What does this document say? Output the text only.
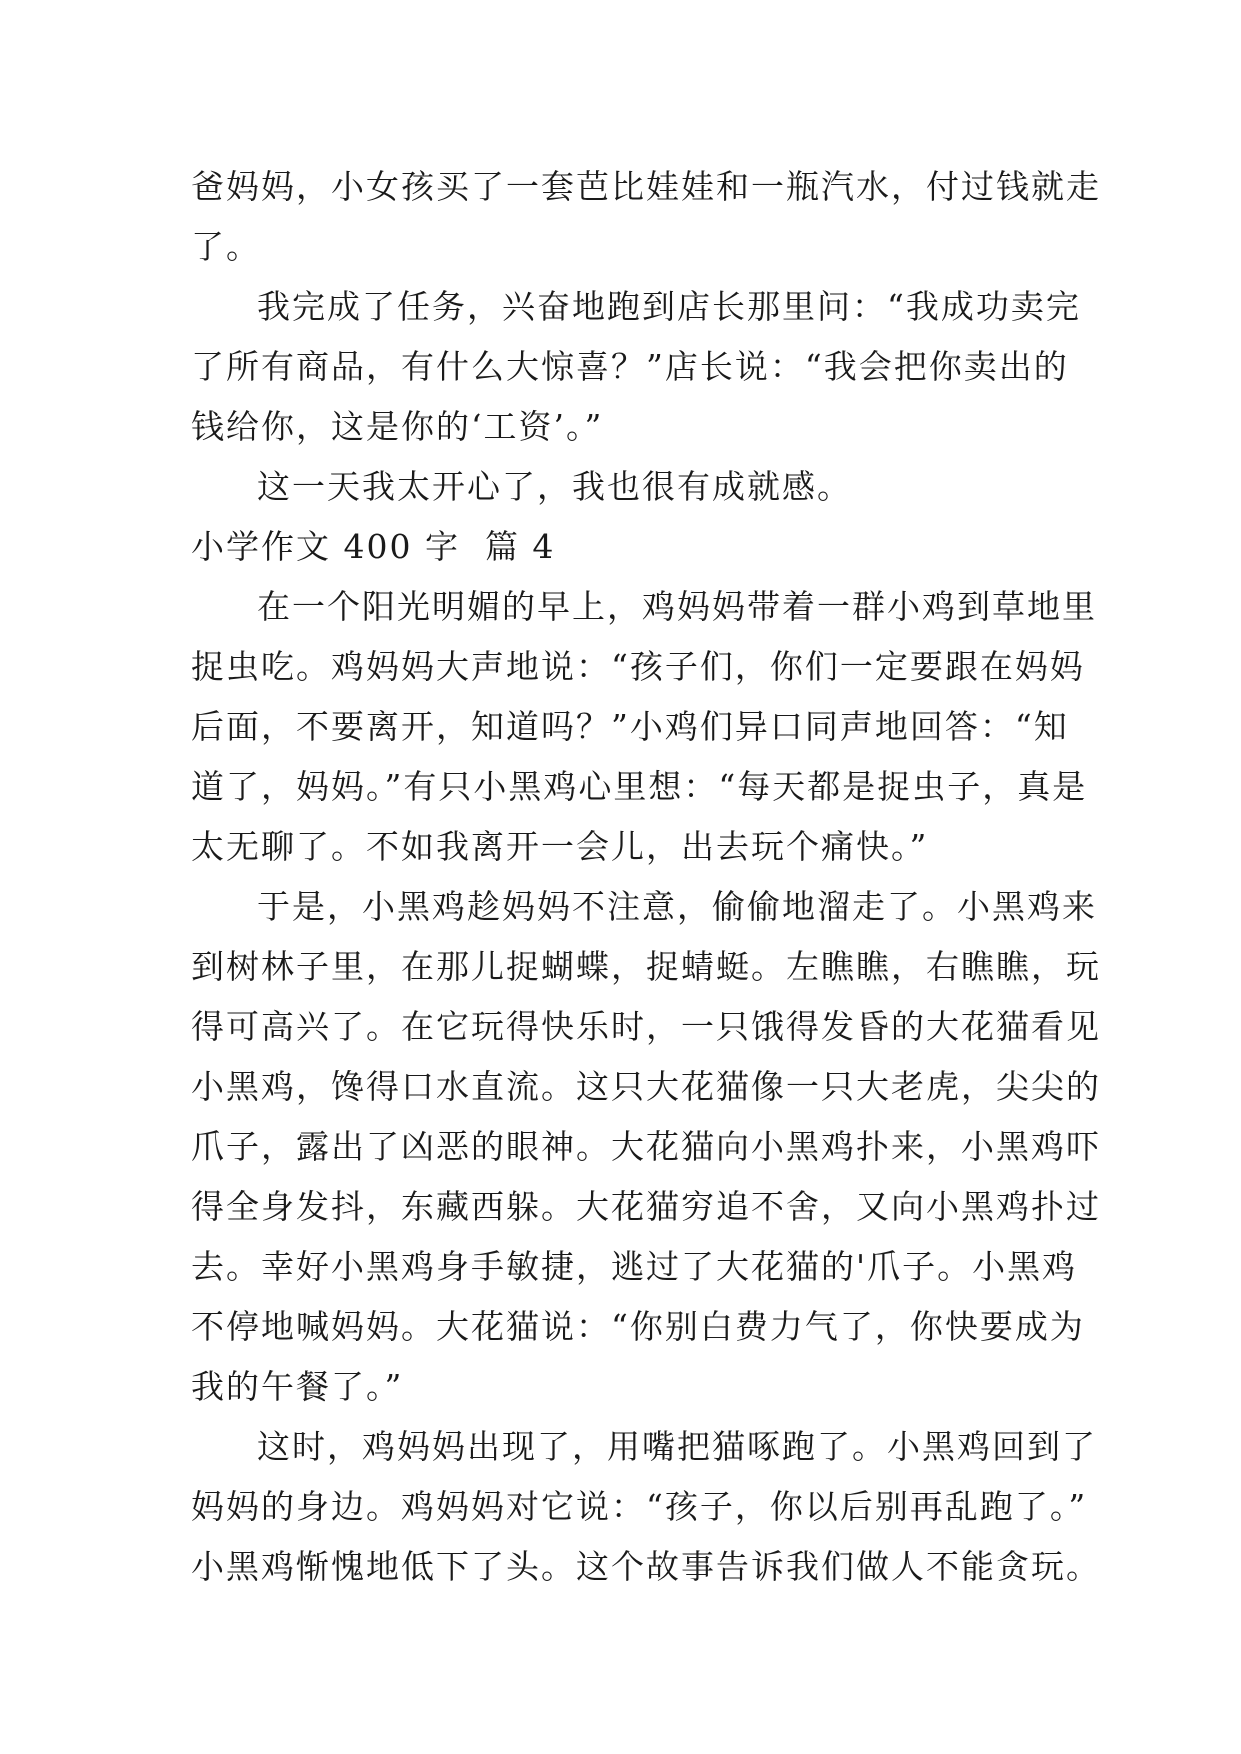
爸妈妈，小女孩买了一套芭比娃娃和一瓶汽水，付过钱就走
了。
我完成了任务，兴奋地跑到店长那里问：“我成功卖完
了所有商品，有什么大惊喜？”店长说：“我会把你卖出的
钱给你，这是你的‘工资’。”
这一天我太开心了，我也很有成就感。
小学作文 400 字  篇 4
在一个阳光明媚的早上，鸡妈妈带着一群小鸡到草地里
捉虫吃。鸡妈妈大声地说：“孩子们，你们一定要跟在妈妈
后面，不要离开，知道吗？”小鸡们异口同声地回答：“知
道了，妈妈。”有只小黑鸡心里想：“每天都是捉虫子，真是
太无聊了。不如我离开一会儿，出去玩个痛快。”
于是，小黑鸡趁妈妈不注意，偷偷地溜走了。小黑鸡来
到树林子里，在那儿捉蝴蝶，捉蜻蜓。左瞧瞧，右瞧瞧，玩
得可高兴了。在它玩得快乐时，一只饿得发昏的大花猫看见
小黑鸡，馋得口水直流。这只大花猫像一只大老虎，尖尖的
爪子，露出了凶恶的眼神。大花猫向小黑鸡扑来，小黑鸡吓
得全身发抖，东藏西躲。大花猫穷追不舍，又向小黑鸡扑过
去。幸好小黑鸡身手敏捷，逃过了大花猫的'爪子。小黑鸡
不停地喊妈妈。大花猫说：“你别白费力气了，你快要成为
我的午餐了。”
这时，鸡妈妈出现了，用嘴把猫啄跑了。小黑鸡回到了
妈妈的身边。鸡妈妈对它说：“孩子，你以后别再乱跑了。”
小黑鸡惭愧地低下了头。这个故事告诉我们做人不能贪玩。
